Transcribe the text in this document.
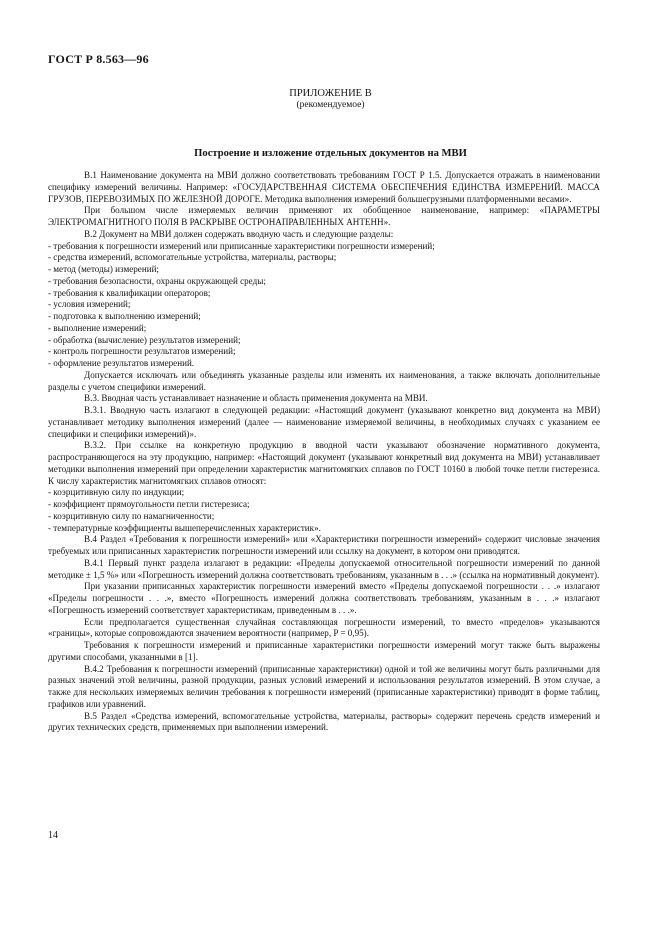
ГОСТ Р 8.563—96
ПРИЛОЖЕНИЕ В
(рекомендуемое)
Построение и изложение отдельных документов на МВИ

В.1 Наименование документа на МВИ должно соответствовать требованиям ГОСТ Р 1.5. Допускается отражать в наименовании специфику измерений величины. Например: «ГОСУДАРСТВЕННАЯ СИСТЕМА ОБЕСПЕЧЕНИЯ ЕДИНСТВА ИЗМЕРЕНИЙ. МАССА ГРУЗОВ, ПЕРЕВОЗИМЫХ ПО ЖЕЛЕЗНОЙ ДОРОГЕ. Методика выполнения измерений большегрузными платформенными весами».

При большом числе измеряемых величин применяют их обобщенное наименование, например: «ПАРАМЕТРЫ ЭЛЕКТРОМАГНИТНОГО ПОЛЯ В РАСКРЫВЕ ОСТРОНАПРАВЛЕННЫХ АНТЕНН».

В.2 Документ на МВИ должен содержать вводную часть и следующие разделы:

- требования к погрешности измерений или приписанные характеристики погрешности измерений;

- средства измерений, вспомогательные устройства, материалы, растворы;

- метод (методы) измерений;

- требования безопасности, охраны окружающей среды;

- требования к квалификации операторов;

- условия измерений;

- подготовка к выполнению измерений;

- выполнение измерений;

- обработка (вычисление) результатов измерений;

- контроль погрешности результатов измерений;

- оформление результатов измерений.

Допускается исключать или объединять указанные разделы или изменять их наименования, а также включать дополнительные разделы с учетом специфики измерений.

В.3. Вводная часть устанавливает назначение и область применения документа на МВИ.

В.3.1. Вводную часть излагают в следующей редакции: «Настоящий документ (указывают конкретно вид документа на МВИ) устанавливает методику выполнения измерений (далее — наименование измеряемой величины, в необходимых случаях с указанием ее специфики и специфики измерений)».

В.3.2. При ссылке на конкретную продукцию в вводной части указывают обозначение нормативного документа, распространяющегося на эту продукцию, например: «Настоящий документ (указывают конкретный вид документа на МВИ) устанавливает методики выполнения измерений при определении характеристик магнитомягких сплавов по ГОСТ 10160 в любой точке петли гистерезиса. К числу характеристик магнитомягких сплавов относят:

- коэрцитивную силу по индукции;

- коэффициент прямоугольности петли гистерезиса;

- коэрцитивную силу по намагниченности;

- температурные коэффициенты вышеперечисленных характеристик».

В.4 Раздел «Требования к погрешности измерений» или «Характеристики погрешности измерений» содержит числовые значения требуемых или приписанных характеристик погрешности измерений или ссылку на документ, в котором они приводятся.

В.4.1 Первый пункт раздела излагают в редакции: «Пределы допускаемой относительной погрешности измерений по данной методике ± 1,5 %» или «Погрешность измерений должна соответствовать требованиям, указанным в . . .» (ссылка на нормативный документ).

При указании приписанных характеристик погрешности измерений вместо «Пределы допускаемой погрешности . . .» излагают «Пределы погрешности . . .», вместо «Погрешность измерений должна соответствовать требованиям, указанным в . . .» излагают «Погрешность измерений соответствует характеристикам, приведенным в . . .».

Если предполагается существенная случайная составляющая погрешности измерений, то вместо «пределов» указываются «границы», которые сопровождаются значением вероятности (например, P = 0,95).

Требования к погрешности измерений и приписанные характеристики погрешности измерений могут также быть выражены другими способами, указанными в [1].

В.4.2 Требования к погрешности измерений (приписанные характеристики) одной и той же величины могут быть различными для разных значений этой величины, разной продукции, разных условий измерений и использования результатов измерений. В этом случае, а также для нескольких измеряемых величин требования к погрешности измерений (приписанные характеристики) приводят в форме таблиц, графиков или уравнений.

В.5 Раздел «Средства измерений, вспомогательные устройства, материалы, растворы» содержит перечень средств измерений и других технических средств, применяемых при выполнении измерений.

14
